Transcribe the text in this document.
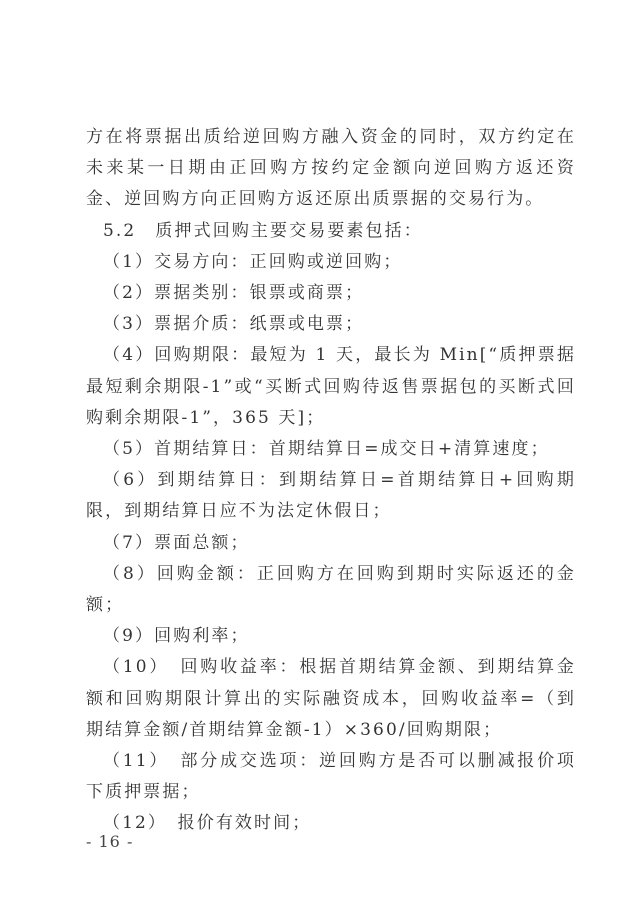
方在将票据出质给逆回购方融入资金的同时，双方约定在未来某一日期由正回购方按约定金额向逆回购方返还资金、逆回购方向正回购方返还原出质票据的交易行为。

5.2　质押式回购主要交易要素包括：

（1）交易方向：正回购或逆回购；

（2）票据类别：银票或商票；

（3）票据介质：纸票或电票；

（4）回购期限：最短为 1 天，最长为 Min[“质押票据最短剩余期限-1”或“买断式回购待返售票据包的买断式回购剩余期限-1”，365 天]；

（5）首期结算日：首期结算日=成交日+清算速度；

（6）到期结算日：到期结算日=首期结算日+回购期限，到期结算日应不为法定休假日；

（7）票面总额；

（8）回购金额：正回购方在回购到期时实际返还的金额；

（9）回购利率；

（10）　回购收益率：根据首期结算金额、到期结算金额和回购期限计算出的实际融资成本，回购收益率=（到期结算金额/首期结算金额-1）×360/回购期限；

（11）　部分成交选项：逆回购方是否可以删减报价项下质押票据；

（12）　报价有效时间；

- 16 -
